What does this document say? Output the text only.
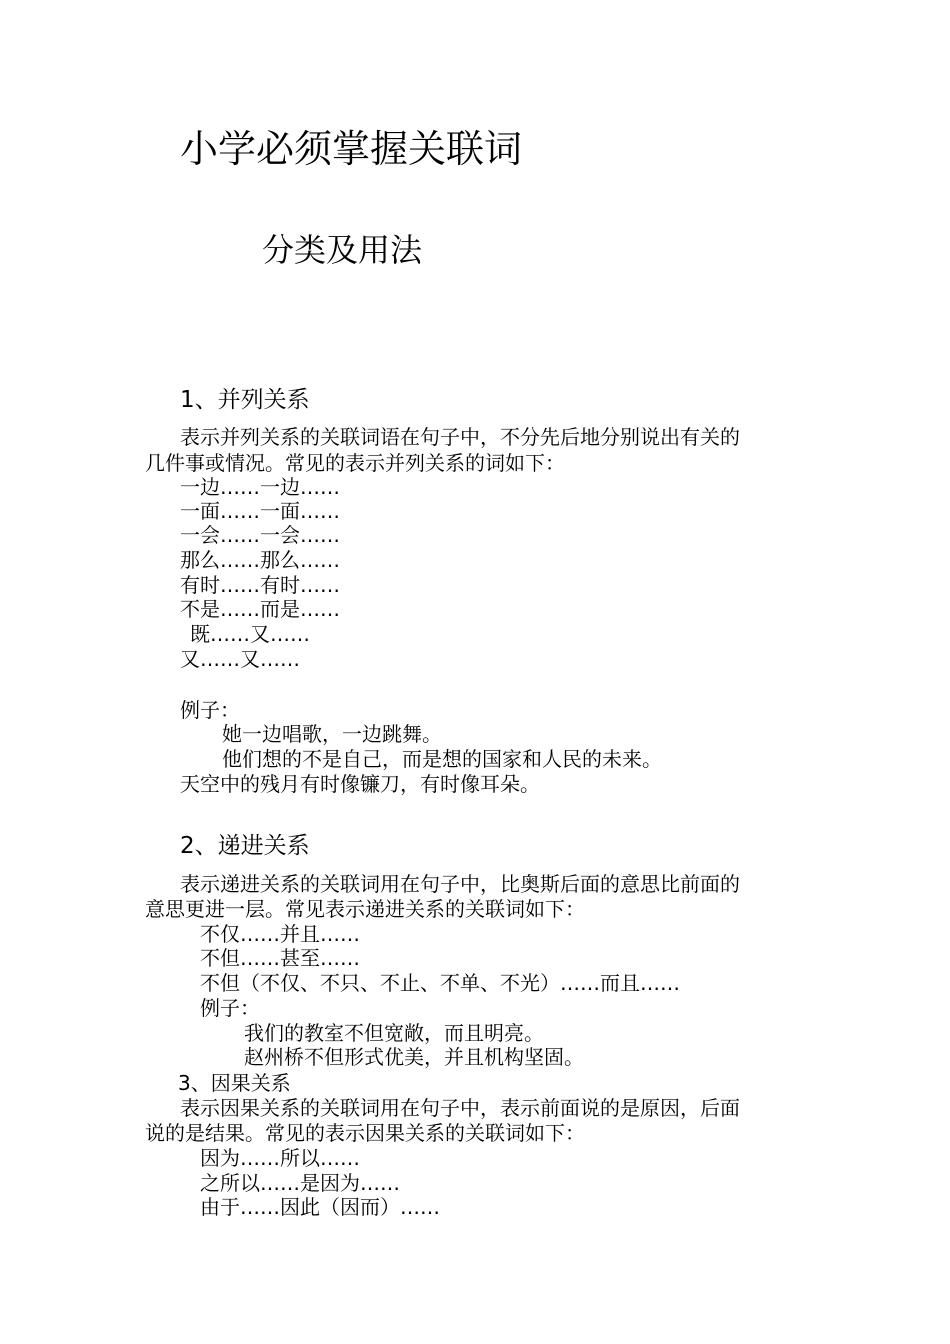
小学必须掌握关联词
分类及用法
1、并列关系
表示并列关系的关联词语在句子中，不分先后地分别说出有关的
几件事或情况。常见的表示并列关系的词如下：
一边……一边……
一面……一面……
一会……一会……
那么……那么……
有时……有时……
不是……而是……
既……又……
又……又……
例子：
她一边唱歌，一边跳舞。
他们想的不是自己，而是想的国家和人民的未来。
天空中的残月有时像镰刀，有时像耳朵。
2、递进关系
表示递进关系的关联词用在句子中，比奥斯后面的意思比前面的
意思更进一层。常见表示递进关系的关联词如下：
不仅……并且……
不但……甚至……
不但（不仅、不只、不止、不单、不光）……而且……
例子：
我们的教室不但宽敞，而且明亮。
赵州桥不但形式优美，并且机构坚固。
3、因果关系
表示因果关系的关联词用在句子中，表示前面说的是原因，后面
说的是结果。常见的表示因果关系的关联词如下：
因为……所以……
之所以……是因为……
由于……因此（因而）……
